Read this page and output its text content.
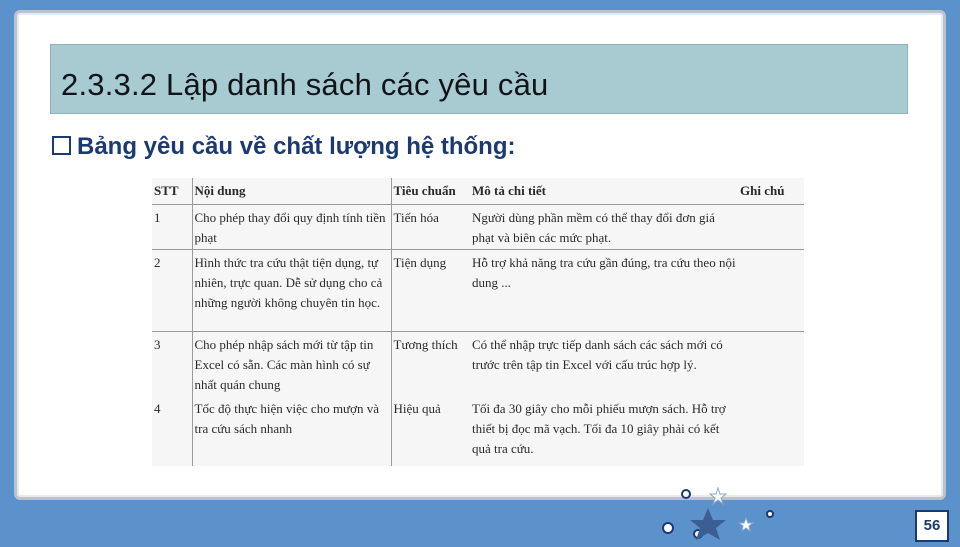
2.3.3.2 Lập danh sách các yêu cầu
Bảng yêu cầu về chất lượng hệ thống:
STT	Nội dung	Tiêu chuẩn	Mô tả chi tiết	Ghi chú
1	Cho phép thay đổi quy định tính tiền phạt	Tiến hóa	Người dùng phần mềm có thể thay đổi đơn giá phạt và biên các mức phạt.	
2	Hình thức tra cứu thật tiện dụng, tự nhiên, trực quan. Dễ sử dụng cho cả những người không chuyên tin học.	Tiện dụng	Hỗ trợ khả năng tra cứu gần đúng, tra cứu theo nội dung ...	
3	Cho phép nhập sách mới từ tập tin Excel có sẵn. Các màn hình có sự nhất quán chung	Tương thích	Có thể nhập trực tiếp danh sách các sách mới có trước trên tập tin Excel với cấu trúc hợp lý.	
4	Tốc độ thực hiện việc cho mượn và tra cứu sách nhanh	Hiệu quả	Tối đa 30 giây cho mỗi phiếu mượn sách. Hỗ trợ thiết bị đọc mã vạch. Tối đa 10 giây phải có kết quả tra cứu.	
56
